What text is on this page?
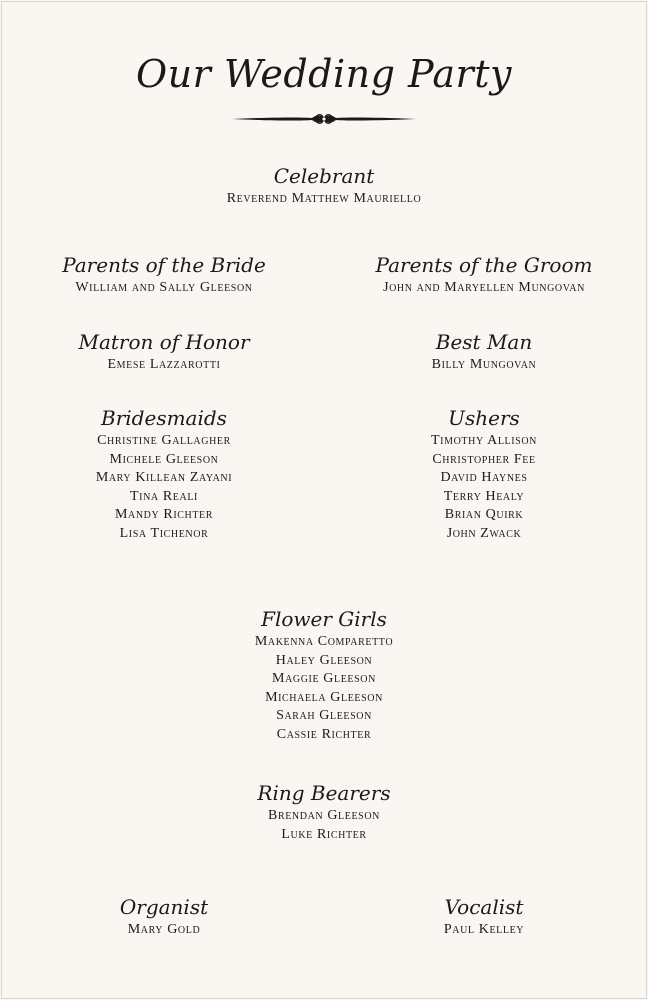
Our Wedding Party

Celebrant

Reverend Matthew Mauriello

Parents of the Bride

William and Sally Gleeson

Parents of the Groom

John and Maryellen Mungovan

Matron of Honor

Emese Lazzarotti

Best Man

Billy Mungovan

Bridesmaids

Christine Gallagher
Michele Gleeson
Mary Killean Zayani
Tina Reali
Mandy Richter
Lisa Tichenor

Ushers

Timothy Allison
Christopher Fee
David Haynes
Terry Healy
Brian Quirk
John Zwack

Flower Girls

Makenna Comparetto
Haley Gleeson
Maggie Gleeson
Michaela Gleeson
Sarah Gleeson
Cassie Richter

Ring Bearers

Brendan Gleeson
Luke Richter

Organist

Mary Gold

Vocalist

Paul Kelley
